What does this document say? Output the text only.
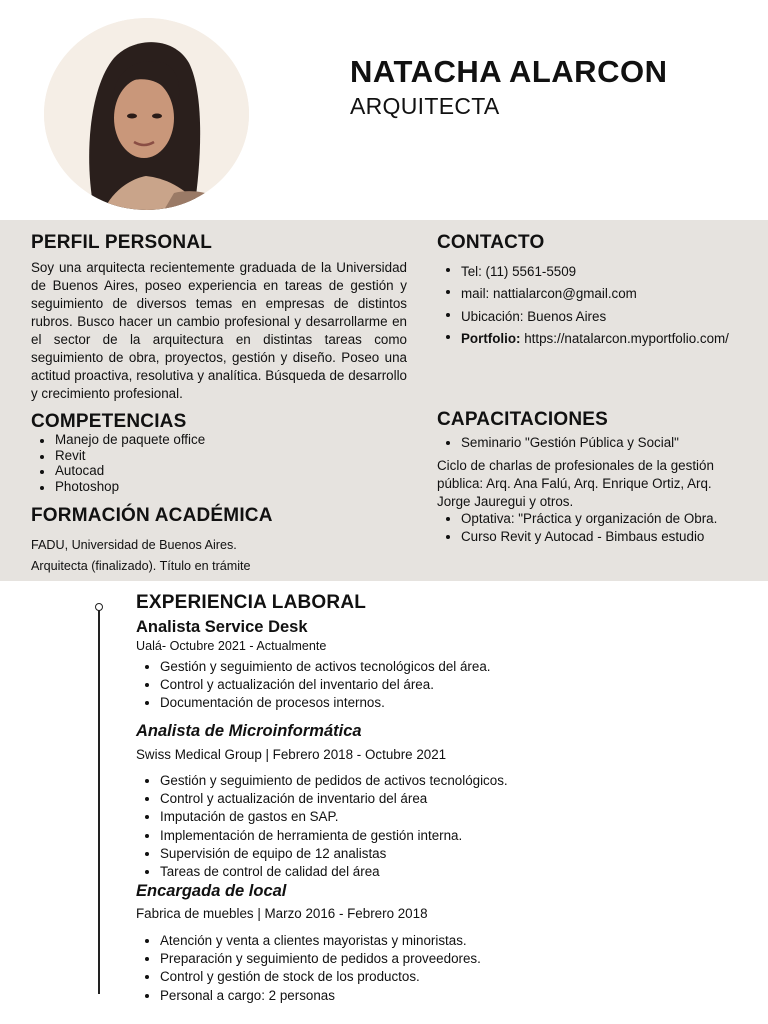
NATACHA ALARCON
ARQUITECTA
PERFIL PERSONAL
Soy una arquitecta recientemente graduada de la Universidad de Buenos Aires, poseo experiencia en tareas de gestión y seguimiento de diversos temas en empresas de distintos rubros. Busco hacer un cambio profesional y desarrollarme en el sector de la arquitectura en distintas tareas como seguimiento de obra, proyectos, gestión y diseño. Poseo una actitud proactiva, resolutiva y analítica. Búsqueda de desarrollo y crecimiento profesional.
CONTACTO
Tel: (11) 5561-5509
mail: nattialarcon@gmail.com
Ubicación: Buenos Aires
Portfolio: https://natalarcon.myportfolio.com/
COMPETENCIAS
Manejo de paquete office
Revit
Autocad
Photoshop
CAPACITACIONES
Seminario "Gestión Pública y Social"
Ciclo de charlas de profesionales de la gestión pública: Arq. Ana Falú, Arq. Enrique Ortiz, Arq. Jorge Jauregui y otros.
Optativa: "Práctica y organización de Obra.
Curso Revit y Autocad - Bimbaus estudio
FORMACIÓN ACADÉMICA
FADU, Universidad de Buenos Aires.
Arquitecta (finalizado). Título en trámite
EXPERIENCIA LABORAL
Analista Service Desk
Ualá- Octubre 2021 - Actualmente
Gestión y seguimiento de activos tecnológicos del área.
Control y actualización del inventario del área.
Documentación de procesos internos.
Analista de Microinformática
Swiss Medical Group | Febrero 2018 - Octubre 2021
Gestión y seguimiento de pedidos de activos tecnológicos.
Control y actualización de inventario del área
Imputación de gastos en SAP.
Implementación de herramienta de gestión interna.
Supervisión de equipo de 12 analistas
Tareas de control de calidad del área
Encargada de local
Fabrica de muebles | Marzo 2016 - Febrero 2018
Atención y venta a clientes mayoristas y minoristas.
Preparación y seguimiento de pedidos a proveedores.
Control y gestión de stock de los productos.
Personal a cargo: 2 personas
